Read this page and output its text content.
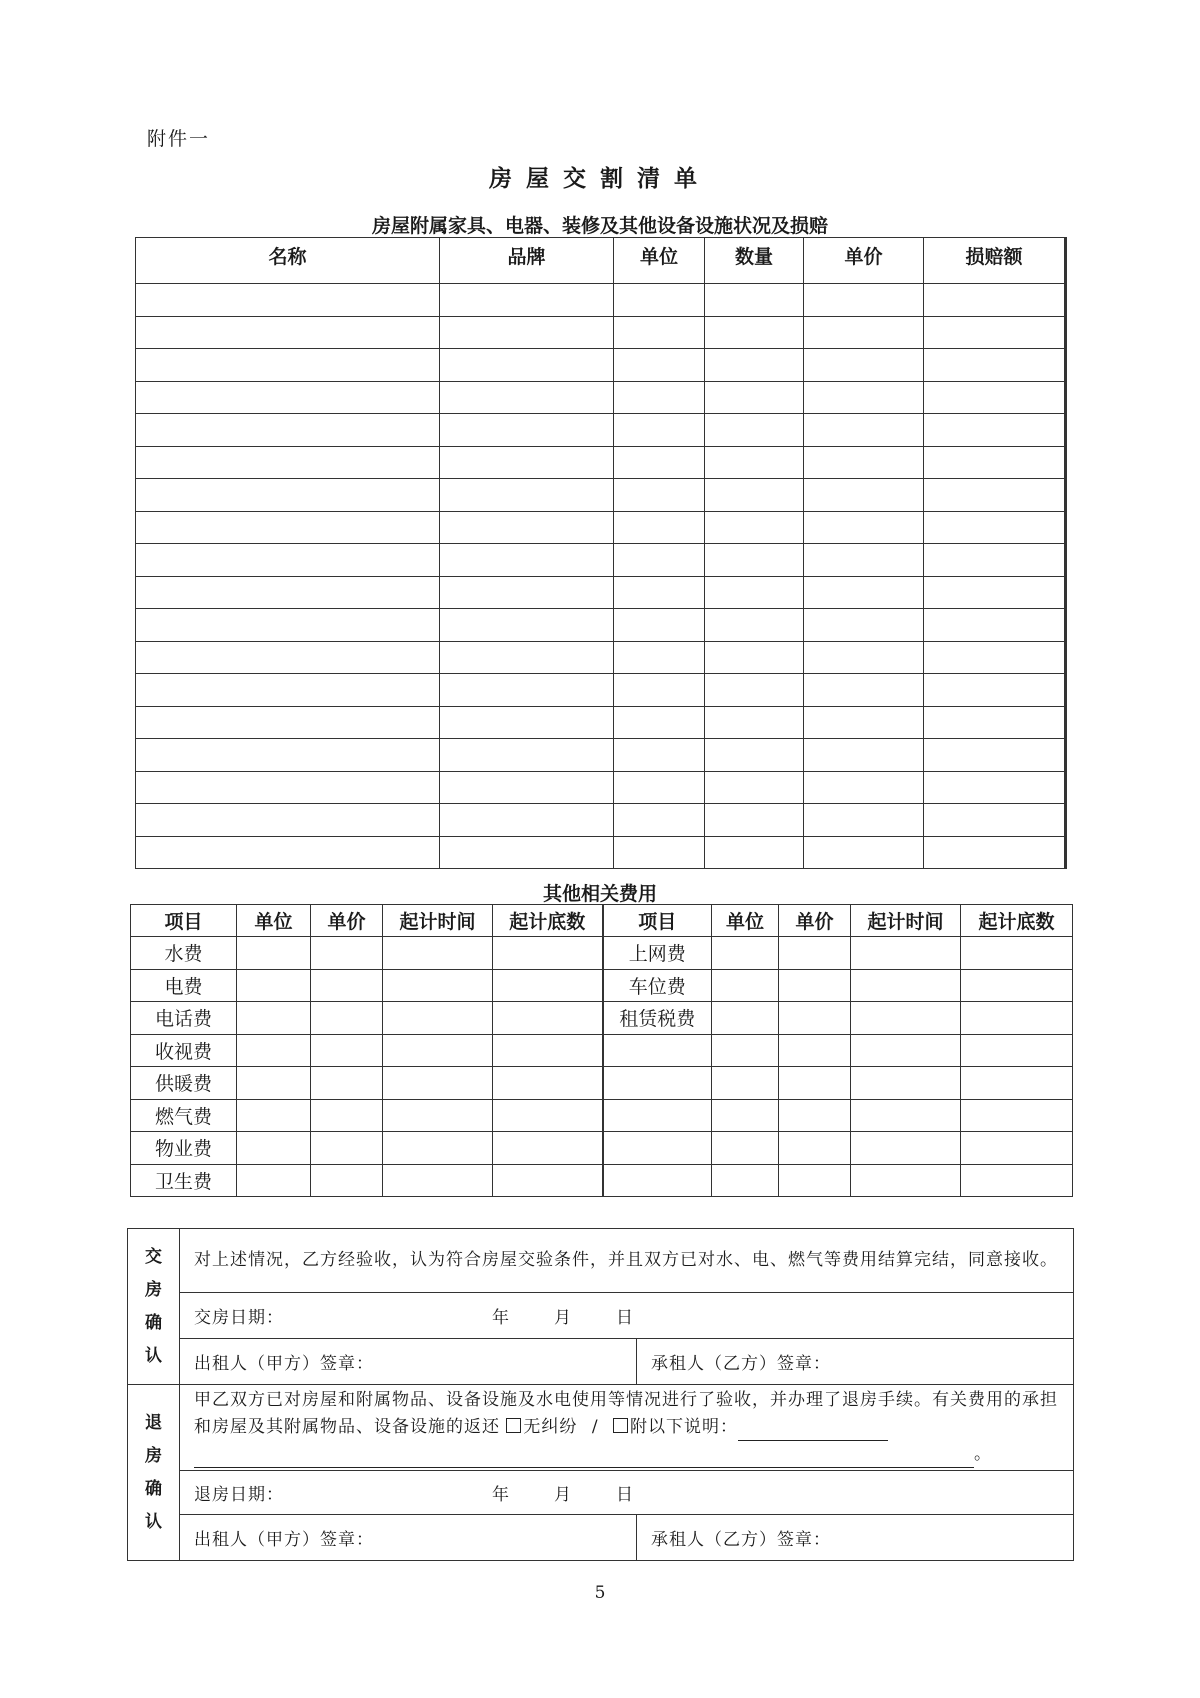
附件一
房屋交割清单
房屋附属家具、电器、装修及其他设备设施状况及损赔
名称	品牌	单位	数量	单价	损赔额

其他相关费用
项目	单位	单价	起计时间	起计底数	项目	单位	单价	起计时间	起计底数
水费					上网费				
电费					车位费				
电话费					租赁税费				
收视费									
供暖费									
燃气费									
物业费									
卫生费									
交
房
确
认	对上述情况，乙方经验收，认为符合房屋交验条件，并且双方已对水、电、燃气等费用结算完结，同意接收。	
	交房日期： 年 月 日	
	出租人（甲方）签章：	承租人（乙方）签章：

退
房
确
认	甲乙双方已对房屋和附属物品、设备设施及水电使用等情况进行了验收，并办理了退房手续。有关费用的承担和房屋及其附属物品、设备设施的返还 无纠纷 / 附以下说明：
。	
	退房日期： 年 月 日	
	出租人（甲方）签章：	承租人（乙方）签章：
5
